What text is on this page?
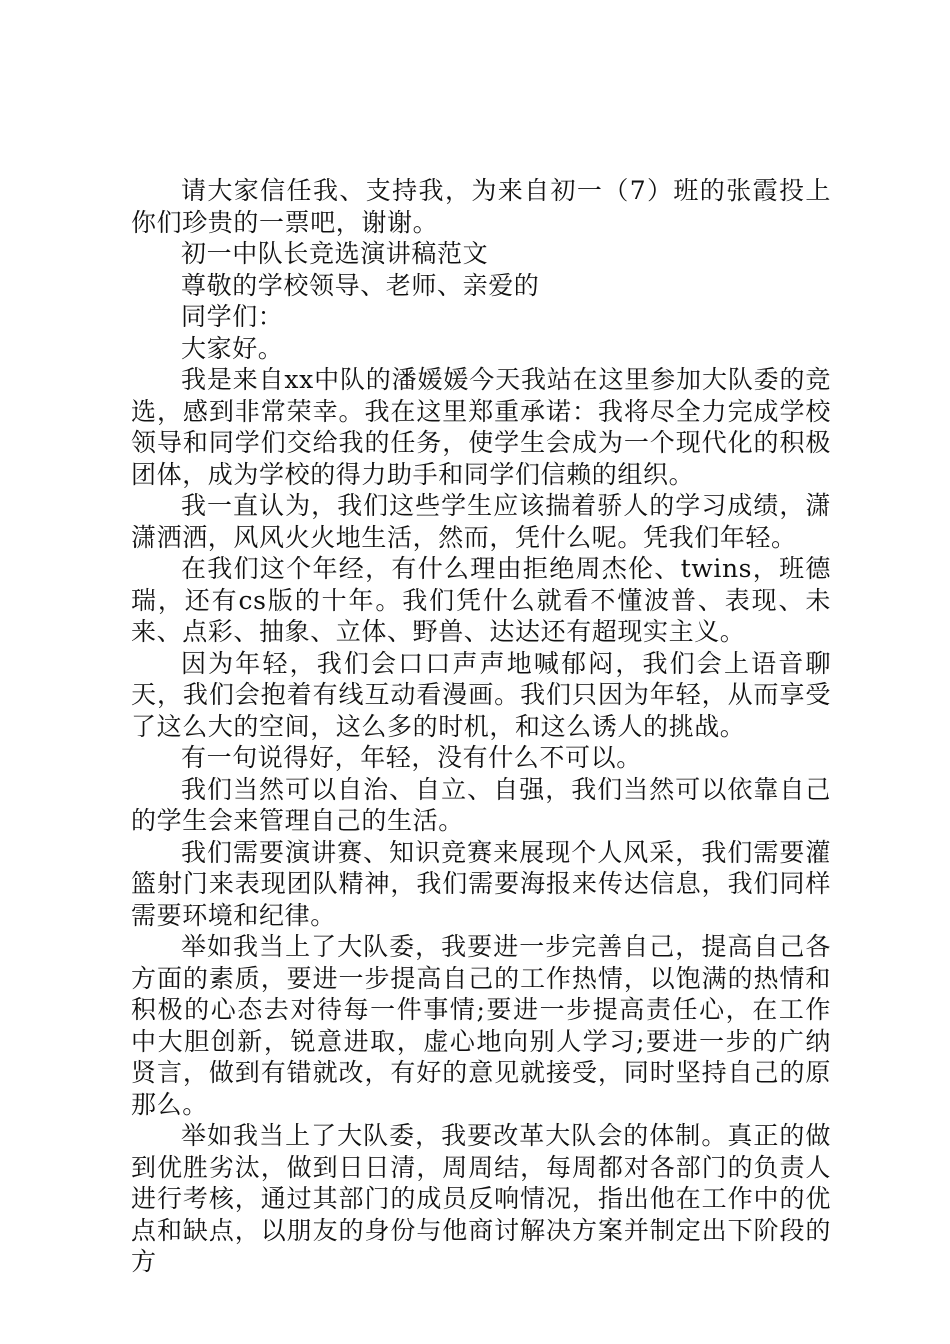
请大家信任我、支持我，为来自初一（7）班的张霞投上你们珍贵的一票吧，谢谢。

初一中队长竞选演讲稿范文

尊敬的学校领导、老师、亲爱的

同学们：

大家好。

我是来自xx中队的潘媛媛今天我站在这里参加大队委的竞选，感到非常荣幸。我在这里郑重承诺：我将尽全力完成学校领导和同学们交给我的任务，使学生会成为一个现代化的积极团体，成为学校的得力助手和同学们信赖的组织。

我一直认为，我们这些学生应该揣着骄人的学习成绩，潇潇洒洒，风风火火地生活，然而，凭什么呢。凭我们年轻。

在我们这个年经，有什么理由拒绝周杰伦、twins，班德瑞，还有cs版的十年。我们凭什么就看不懂波普、表现、未来、点彩、抽象、立体、野兽、达达还有超现实主义。

因为年轻，我们会口口声声地喊郁闷，我们会上语音聊天，我们会抱着有线互动看漫画。我们只因为年轻，从而享受了这么大的空间，这么多的时机，和这么诱人的挑战。

有一句说得好，年轻，没有什么不可以。

我们当然可以自治、自立、自强，我们当然可以依靠自己的学生会来管理自己的生活。

我们需要演讲赛、知识竞赛来展现个人风采，我们需要灌篮射门来表现团队精神，我们需要海报来传达信息，我们同样需要环境和纪律。

举如我当上了大队委，我要进一步完善自己，提高自己各方面的素质，要进一步提高自己的工作热情，以饱满的热情和积极的心态去对待每一件事情;要进一步提高责任心，在工作中大胆创新，锐意进取，虚心地向别人学习;要进一步的广纳贤言，做到有错就改，有好的意见就接受，同时坚持自己的原那么。

举如我当上了大队委，我要改革大队会的体制。真正的做到优胜劣汰，做到日日清，周周结，每周都对各部门的负责人进行考核，通过其部门的成员反响情况，指出他在工作中的优点和缺点，以朋友的身份与他商讨解决方案并制定出下阶段的方
